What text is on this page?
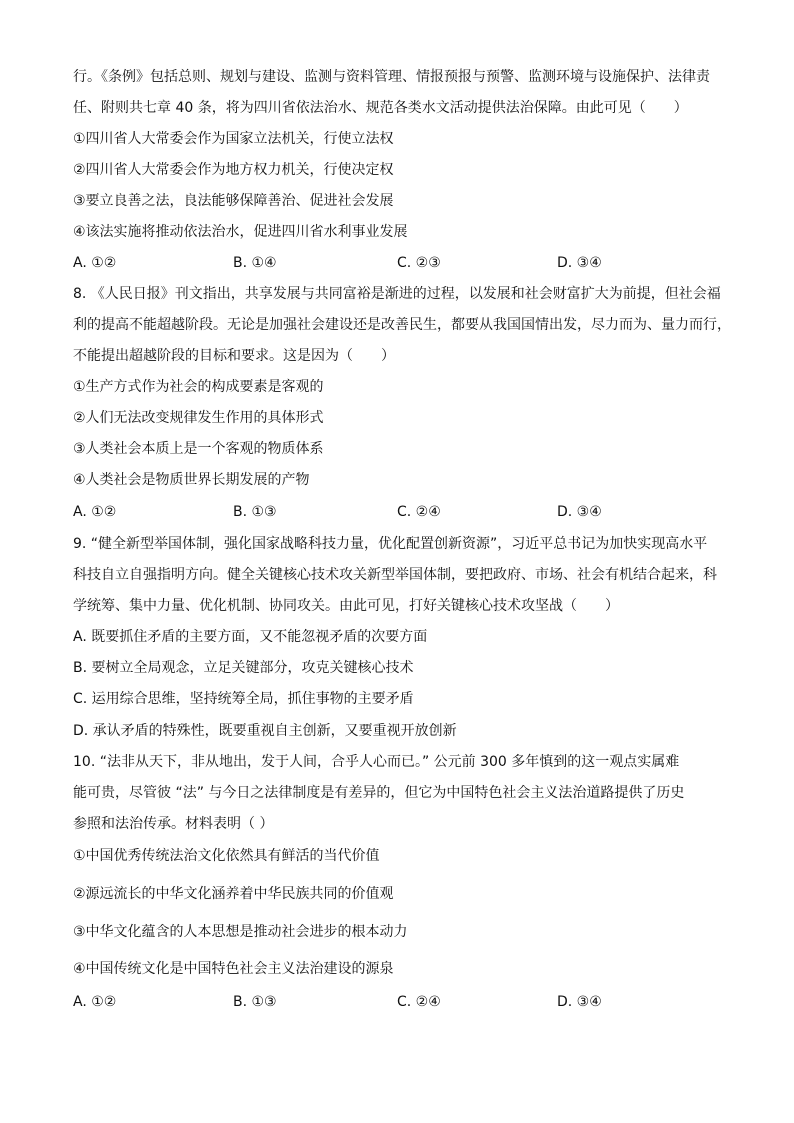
行。《条例》包括总则、规划与建设、监测与资料管理、情报预报与预警、监测环境与设施保护、法律责
任、附则共七章 40 条，将为四川省依法治水、规范各类水文活动提供法治保障。由此可见（　　）
①四川省人大常委会作为国家立法机关，行使立法权
②四川省人大常委会作为地方权力机关，行使决定权
③要立良善之法，良法能够保障善治、促进社会发展
④该法实施将推动依法治水，促进四川省水利事业发展
A. ①②	B. ①④	C. ②③	D. ③④
8. 《人民日报》刊文指出，共享发展与共同富裕是渐进的过程，以发展和社会财富扩大为前提，但社会福
利的提高不能超越阶段。无论是加强社会建设还是改善民生，都要从我国国情出发，尽力而为、量力而行，
不能提出超越阶段的目标和要求。这是因为（　　）
①生产方式作为社会的构成要素是客观的
②人们无法改变规律发生作用的具体形式
③人类社会本质上是一个客观的物质体系
④人类社会是物质世界长期发展的产物
A. ①②	B. ①③	C. ②④	D. ③④
9. “健全新型举国体制，强化国家战略科技力量，优化配置创新资源”，习近平总书记为加快实现高水平
科技自立自强指明方向。健全关键核心技术攻关新型举国体制，要把政府、市场、社会有机结合起来，科
学统筹、集中力量、优化机制、协同攻关。由此可见，打好关键核心技术攻坚战（　　）
A. 既要抓住矛盾的主要方面，又不能忽视矛盾的次要方面
B. 要树立全局观念，立足关键部分，攻克关键核心技术
C. 运用综合思维，坚持统筹全局，抓住事物的主要矛盾
D. 承认矛盾的特殊性，既要重视自主创新，又要重视开放创新
10. “法非从天下，非从地出，发于人间，合乎人心而已。” 公元前 300 多年慎到的这一观点实属难
能可贵，尽管彼 “法” 与今日之法律制度是有差异的，但它为中国特色社会主义法治道路提供了历史
参照和法治传承。材料表明（ ）
①中国优秀传统法治文化依然具有鲜活的当代价值
②源远流长的中华文化涵养着中华民族共同的价值观
③中华文化蕴含的人本思想是推动社会进步的根本动力
④中国传统文化是中国特色社会主义法治建设的源泉
A. ①②	B. ①③	C. ②④	D. ③④
